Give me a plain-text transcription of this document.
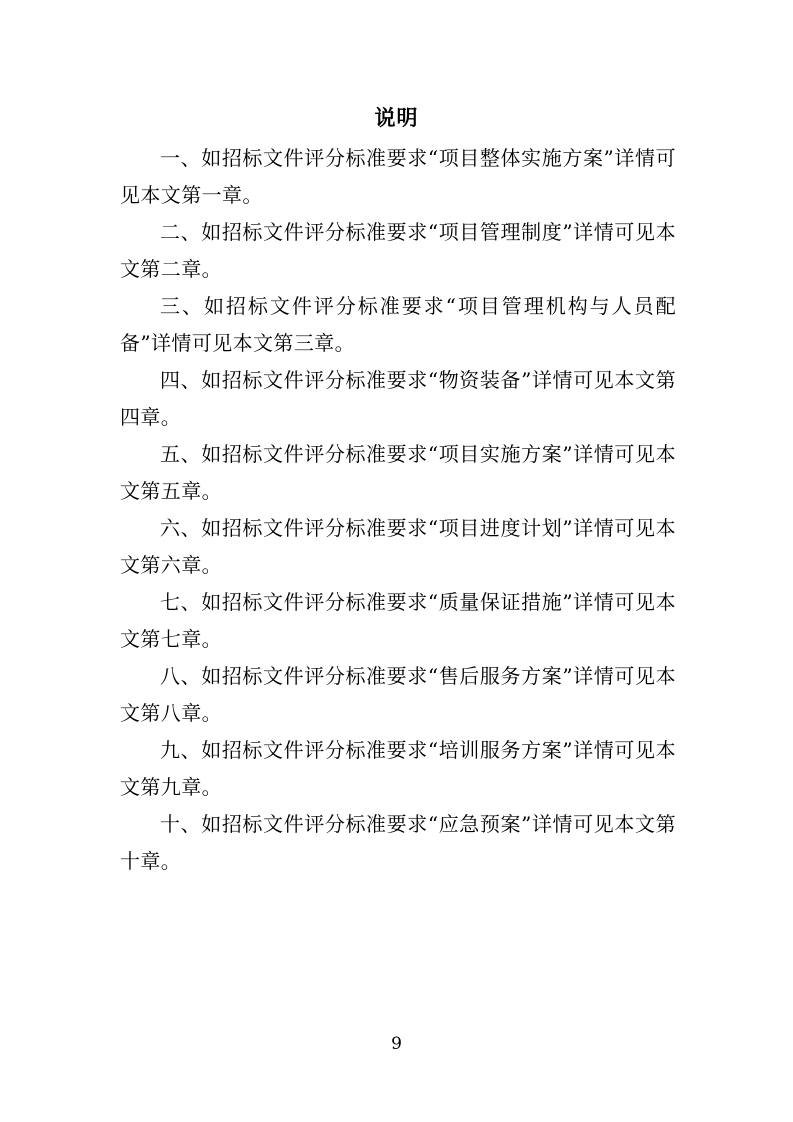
说明

一、如招标文件评分标准要求“项目整体实施方案”详情可见本文第一章。

二、如招标文件评分标准要求“项目管理制度”详情可见本文第二章。

三、如招标文件评分标准要求“项目管理机构与人员配备”详情可见本文第三章。

四、如招标文件评分标准要求“物资装备”详情可见本文第四章。

五、如招标文件评分标准要求“项目实施方案”详情可见本文第五章。

六、如招标文件评分标准要求“项目进度计划”详情可见本文第六章。

七、如招标文件评分标准要求“质量保证措施”详情可见本文第七章。

八、如招标文件评分标准要求“售后服务方案”详情可见本文第八章。

九、如招标文件评分标准要求“培训服务方案”详情可见本文第九章。

十、如招标文件评分标准要求“应急预案”详情可见本文第十章。

9
